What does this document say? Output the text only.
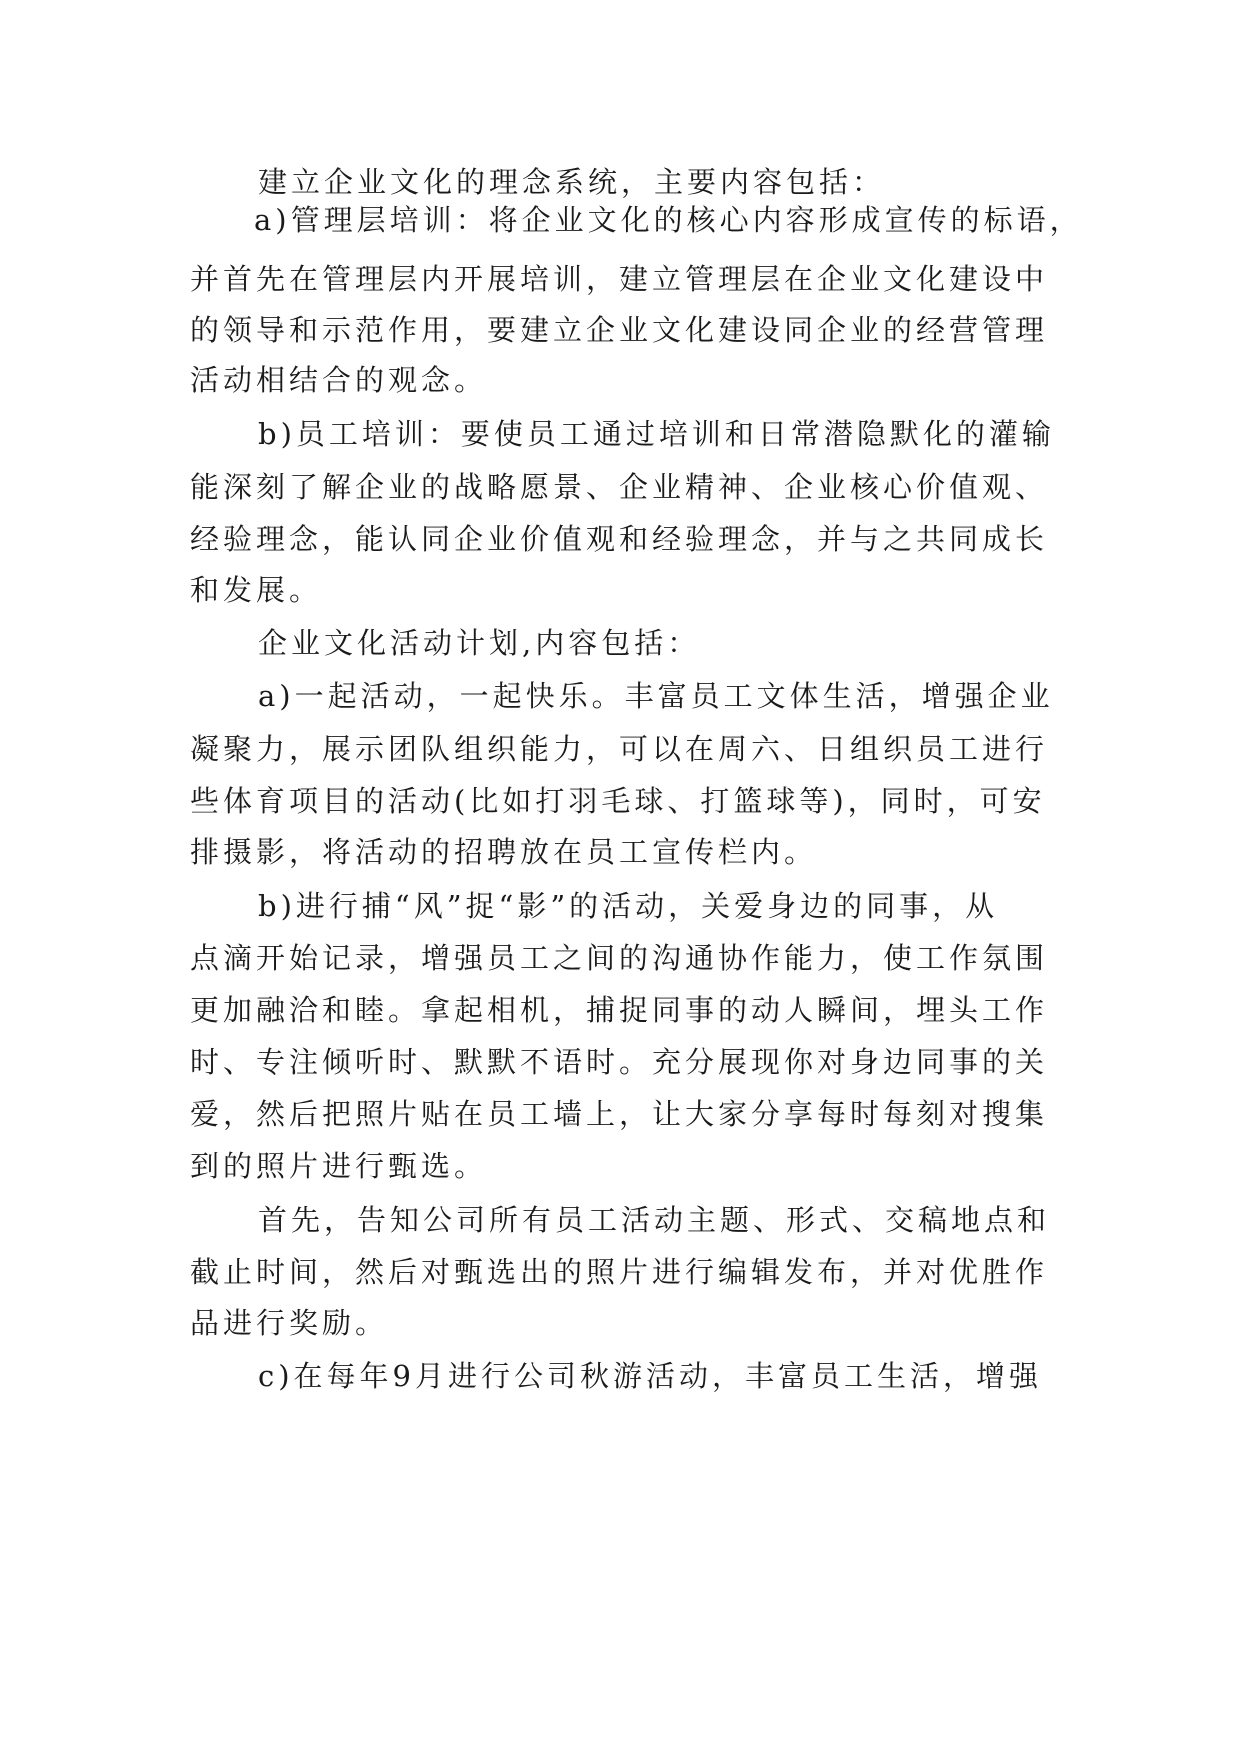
建立企业文化的理念系统，主要内容包括：
a)管理层培训：将企业文化的核心内容形成宣传的标语，
并首先在管理层内开展培训，建立管理层在企业文化建设中
的领导和示范作用，要建立企业文化建设同企业的经营管理
活动相结合的观念。
b)员工培训：要使员工通过培训和日常潜隐默化的灌输
能深刻了解企业的战略愿景、企业精神、企业核心价值观、
经验理念，能认同企业价值观和经验理念，并与之共同成长
和发展。
企业文化活动计划,内容包括：
a)一起活动，一起快乐。丰富员工文体生活，增强企业
凝聚力，展示团队组织能力，可以在周六、日组织员工进行
些体育项目的活动(比如打羽毛球、打篮球等)，同时，可安
排摄影，将活动的招聘放在员工宣传栏内。
b)进行捕“风”捉“影”的活动，关爱身边的同事，从
点滴开始记录，增强员工之间的沟通协作能力，使工作氛围
更加融洽和睦。拿起相机，捕捉同事的动人瞬间，埋头工作
时、专注倾听时、默默不语时。充分展现你对身边同事的关
爱，然后把照片贴在员工墙上，让大家分享每时每刻对搜集
到的照片进行甄选。
首先，告知公司所有员工活动主题、形式、交稿地点和
截止时间，然后对甄选出的照片进行编辑发布，并对优胜作
品进行奖励。
c)在每年9月进行公司秋游活动，丰富员工生活，增强
